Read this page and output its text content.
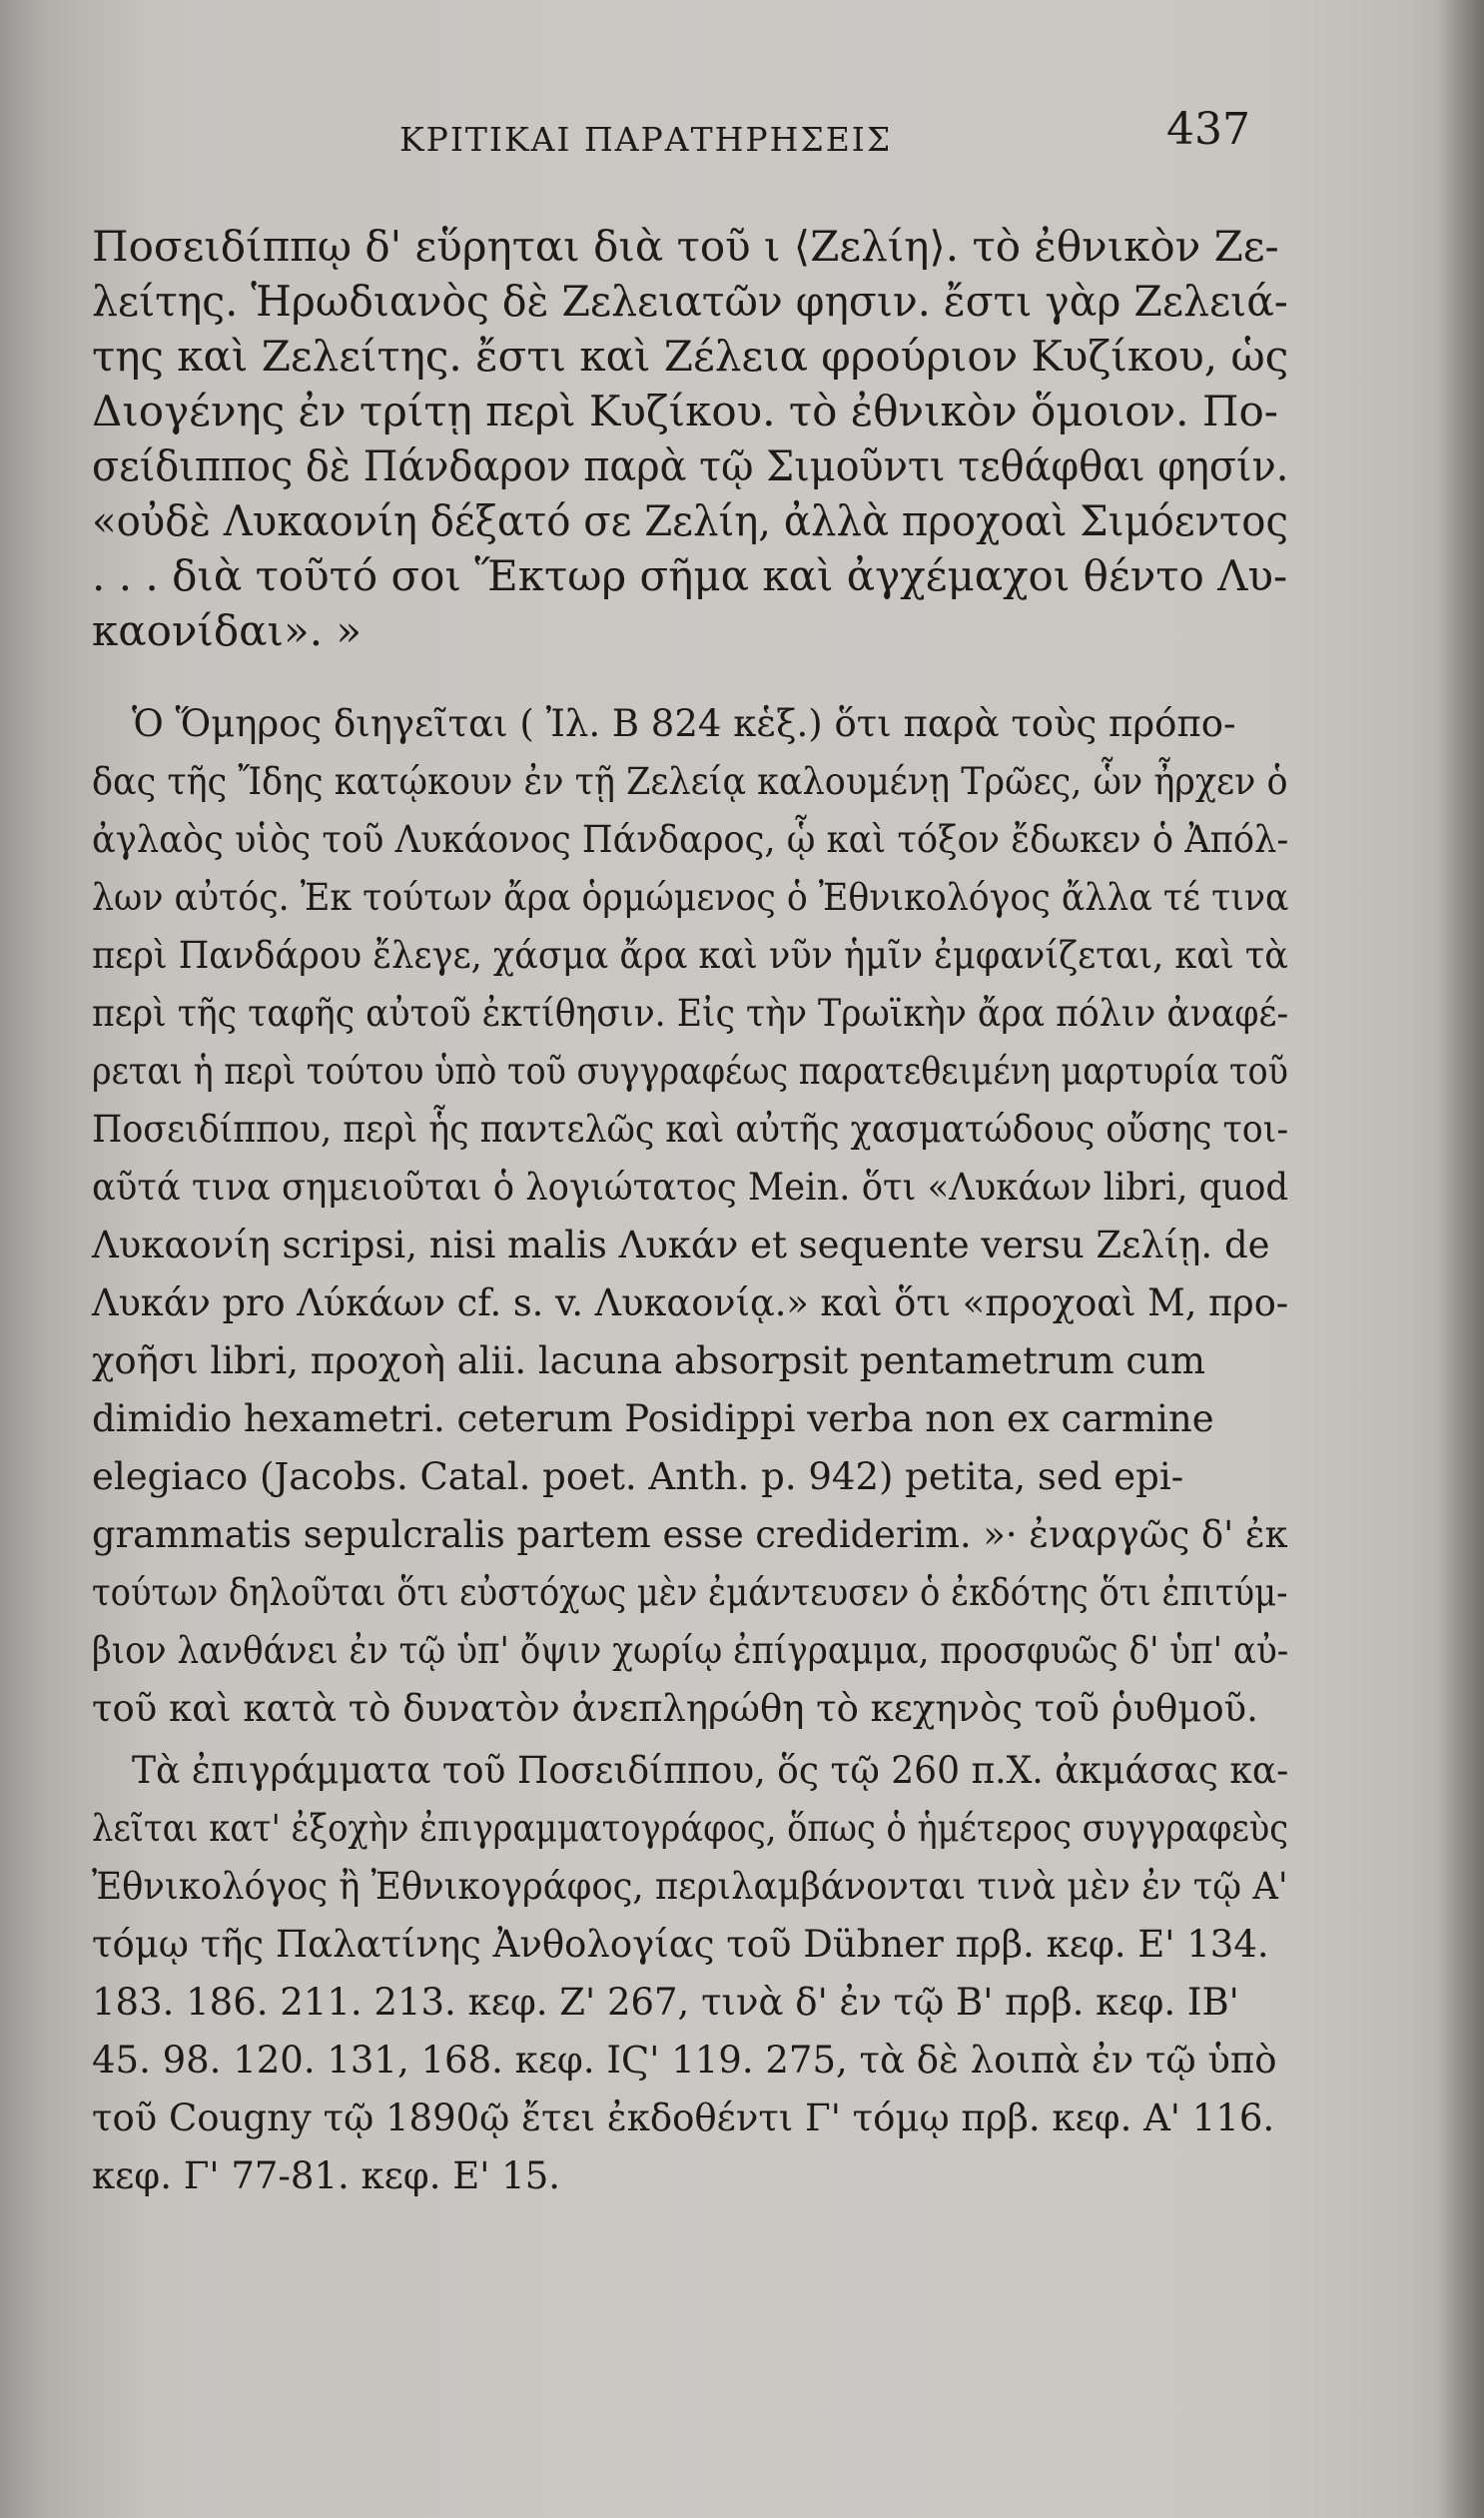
ΚΡΙΤΙΚΑΙ ΠΑΡΑΤΗΡΗΣΕΙΣ	437
Ποσειδίππῳ δ' εὕρηται διὰ τοῦ ι ⟨Ζελίη⟩. τὸ ἐθνικὸν Ζε-
λείτης. Ἡρωδιανὸς δὲ Ζελειατῶν φησιν. ἔστι γὰρ Ζελειά-
της καὶ Ζελείτης. ἔστι καὶ Ζέλεια φρούριον Κυζίκου, ὡς
Διογένης ἐν τρίτῃ περὶ Κυζίκου. τὸ ἐθνικὸν ὅμοιον. Πο-
σείδιππος δὲ Πάνδαρον παρὰ τῷ Σιμοῦντι τεθάφθαι φησίν.
«οὐδὲ Λυκαονίη δέξατό σε Ζελίη, ἀλλὰ προχοαὶ Σιμόεντος
. . . διὰ τοῦτό σοι Ἕκτωρ σῆμα καὶ ἀγχέμαχοι θέντο Λυ-
καονίδαι». »
Ὁ Ὅμηρος διηγεῖται ( Ἰλ. Β 824 κἑξ.) ὅτι παρὰ τοὺς πρόπο-
δας τῆς Ἴδης κατῴκουν ἐν τῇ Ζελείᾳ καλουμένῃ Τρῶες, ὧν ἦρχεν ὁ
ἀγλαὸς υἱὸς τοῦ Λυκάονος Πάνδαρος, ᾧ καὶ τόξον ἔδωκεν ὁ Ἀπόλ-
λων αὐτός. Ἐκ τούτων ἄρα ὁρμώμενος ὁ Ἐθνικολόγος ἄλλα τέ τινα
περὶ Πανδάρου ἔλεγε, χάσμα ἄρα καὶ νῦν ἡμῖν ἐμφανίζεται, καὶ τὰ
περὶ τῆς ταφῆς αὐτοῦ ἐκτίθησιν. Εἰς τὴν Τρωϊκὴν ἄρα πόλιν ἀναφέ-
ρεται ἡ περὶ τούτου ὑπὸ τοῦ συγγραφέως παρατεθειμένη μαρτυρία τοῦ
Ποσειδίππου, περὶ ἧς παντελῶς καὶ αὐτῆς χασματώδους οὔσης τοι-
αῦτά τινα σημειοῦται ὁ λογιώτατος Mein. ὅτι «Λυκάων libri, quod
Λυκαονίη scripsi, nisi malis Λυκάν et sequente versu Ζελίῃ. de
Λυκάν pro Λύκάων cf. s. v. Λυκαονίᾳ.» καὶ ὅτι «προχοαὶ M, προ-
χοῆσι libri, προχοὴ alii. lacuna absorpsit pentametrum cum
dimidio hexametri. ceterum Posidippi verba non ex carmine
elegiaco (Jacobs. Catal. poet. Anth. p. 942) petita, sed epi-
grammatis sepulcralis partem esse crediderim. »· ἐναργῶς δ' ἐκ
τούτων δηλοῦται ὅτι εὐστόχως μὲν ἐμάντευσεν ὁ ἐκδότης ὅτι ἐπιτύμ-
βιον λανθάνει ἐν τῷ ὑπ' ὄψιν χωρίῳ ἐπίγραμμα, προσφυῶς δ' ὑπ' αὐ-
τοῦ καὶ κατὰ τὸ δυνατὸν ἀνεπληρώθη τὸ κεχηνὸς τοῦ ῥυθμοῦ.
Τὰ ἐπιγράμματα τοῦ Ποσειδίππου, ὅς τῷ 260 π.Χ. ἀκμάσας κα-
λεῖται κατ' ἐξοχὴν ἐπιγραμματογράφος, ὅπως ὁ ἡμέτερος συγγραφεὺς
Ἐθνικολόγος ἢ Ἐθνικογράφος, περιλαμβάνονται τινὰ μὲν ἐν τῷ Α'
τόμῳ τῆς Παλατίνης Ἀνθολογίας τοῦ Dübner πρβ. κεφ. Ε' 134.
183. 186. 211. 213. κεφ. Ζ' 267, τινὰ δ' ἐν τῷ Β' πρβ. κεφ. ΙΒ'
45. 98. 120. 131, 168. κεφ. ΙϚ' 119. 275, τὰ δὲ λοιπὰ ἐν τῷ ὑπὸ
τοῦ Cougny τῷ 1890ῷ ἔτει ἐκδοθέντι Γ' τόμῳ πρβ. κεφ. Α' 116.
κεφ. Γ' 77-81. κεφ. Ε' 15.
